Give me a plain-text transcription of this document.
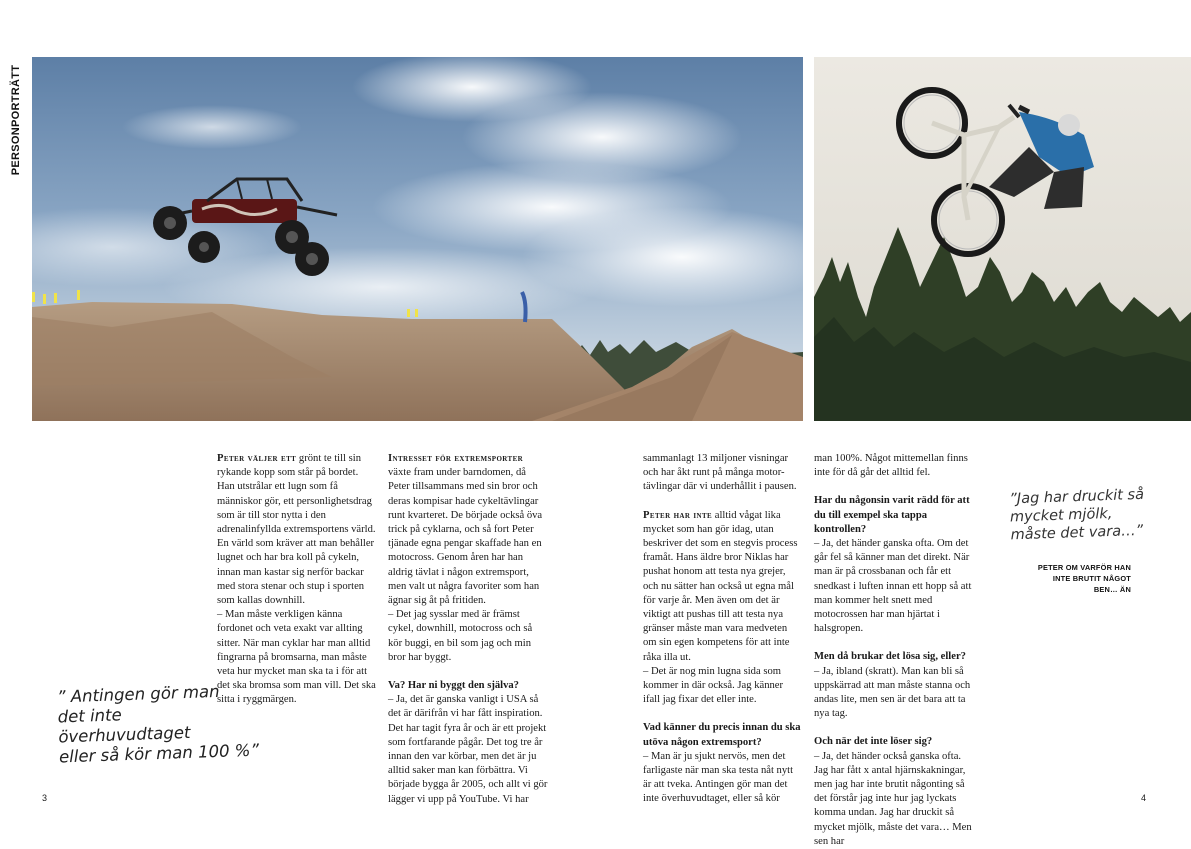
PERSONPORTRÄTT

Peter väljer ett grönt te till sin rykande kopp som står på bordet. Han utstrålar ett lugn som få människor gör, ett personlighetsdrag som är till stor nytta i den adrenalinfyllda extremsportens värld. En värld som kräver att man behåller lugnet och har bra koll på cykeln, innan man kastar sig nerför backar med stora stenar och stup i sporten som kallas downhill.

– Man måste verkligen känna fordonet och veta exakt var allting sitter. När man cyklar har man alltid fingrarna på bromsarna, man måste veta hur mycket man ska ta i för att det ska bromsa som man vill. Det ska sitta i ryggmärgen.

Intresset för extremsporter växte fram under barndomen, då Peter tillsammans med sin bror och deras kompisar hade cykeltävlingar runt kvarteret. De började också öva trick på cyklarna, och så fort Peter tjänade egna pengar skaffade han en motocross. Genom åren har han aldrig tävlat i någon extremsport, men valt ut några favoriter som han ägnar sig åt på fritiden.

– Det jag sysslar med är främst cykel, downhill, motocross och så kör buggi, en bil som jag och min bror har byggt.

Va? Har ni byggt den själva?

– Ja, det är ganska vanligt i USA så det är därifrån vi har fått inspiration. Det har tagit fyra år och är ett projekt som fortfarande pågår. Det tog tre år innan den var körbar, men det är ju alltid saker man kan förbättra. Vi började bygga år 2005, och allt vi gör lägger vi upp på YouTube. Vi har

sammanlagt 13 miljoner visningar och har åkt runt på många motor-tävlingar där vi underhållit i pausen.

Peter har inte alltid vågat lika mycket som han gör idag, utan beskriver det som en stegvis process framåt. Hans äldre bror Niklas har pushat honom att testa nya grejer, och nu sätter han också ut egna mål för varje år. Men även om det är viktigt att pushas till att testa nya gränser måste man vara medveten om sin egen kompetens för att inte råka illa ut.

– Det är nog min lugna sida som kommer in där också. Jag känner ifall jag fixar det eller inte.

Vad känner du precis innan du ska utöva någon extremsport?

– Man är ju sjukt nervös, men det farligaste när man ska testa nåt nytt är att tveka. Antingen gör man det inte överhuvudtaget, eller så kör

man 100%. Något mittemellan finns inte för då går det alltid fel.

Har du någonsin varit rädd för att du till exempel ska tappa kontrollen?

– Ja, det händer ganska ofta. Om det går fel så känner man det direkt. När man är på crossbanan och får ett snedkast i luften innan ett hopp så att man kommer helt snett med motocrossen har man hjärtat i halsgropen.

Men då brukar det lösa sig, eller?

– Ja, ibland (skratt). Man kan bli så uppskärrad att man måste stanna och andas lite, men sen är det bara att ta nya tag.

Och när det inte löser sig?

– Ja, det händer också ganska ofta. Jag har fått x antal hjärnskakningar, men jag har inte brutit någonting så det förstår jag inte hur jag lyckats komma undan. Jag har druckit så mycket mjölk, måste det vara… Men sen har

” Antingen gör man
det inte överhuvudtaget
eller så kör man 100 %”
”Jag har druckit så
mycket mjölk,
måste det vara…”
PETER OM VARFÖR HAN INTE BRUTIT NÅGOT BEN… ÄN
3	4
